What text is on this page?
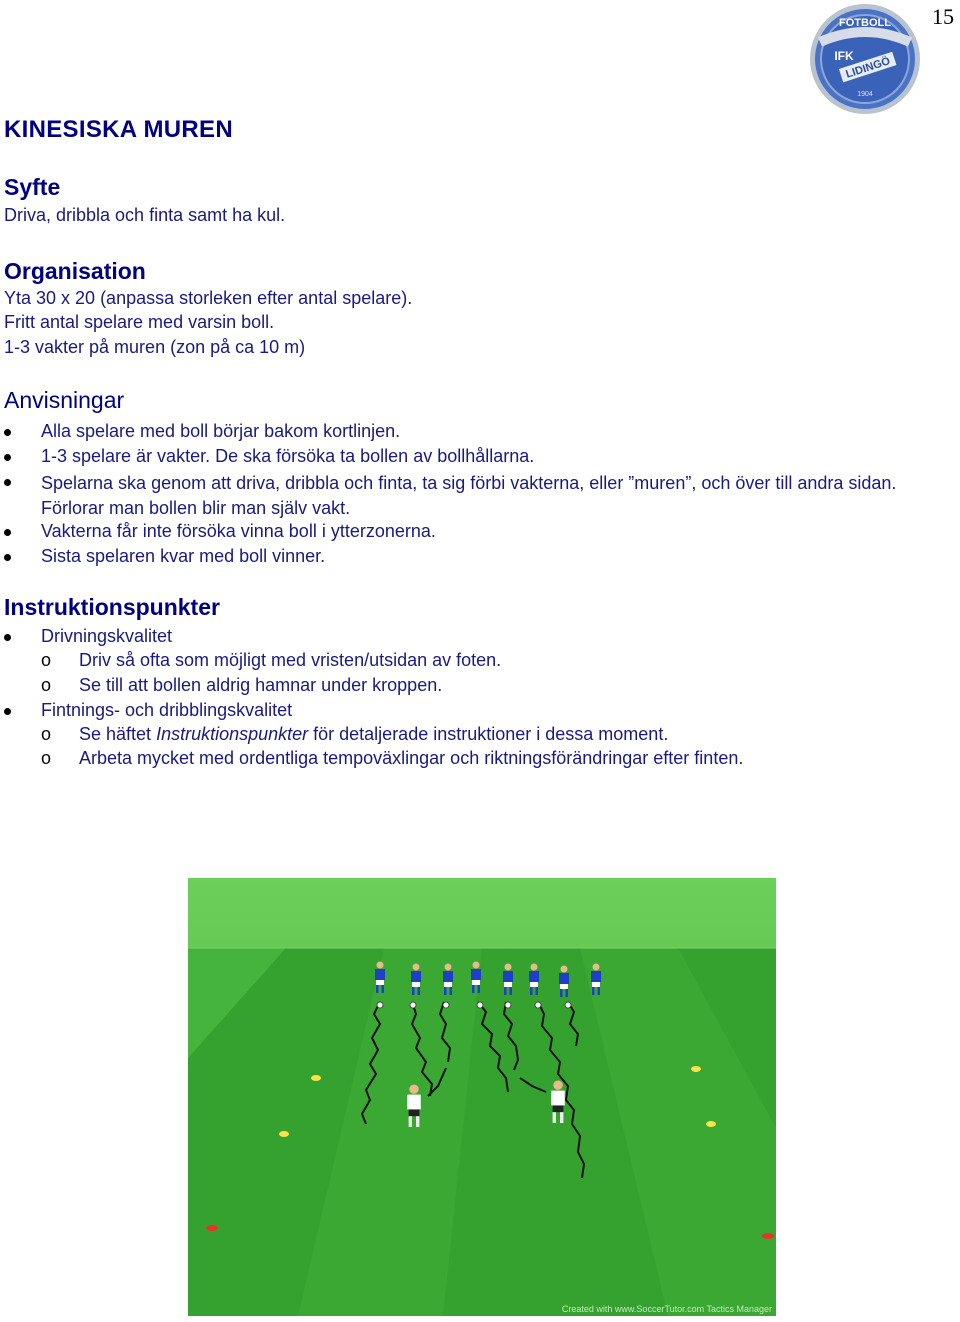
15
FOTBOLL
IFK
LIDINGÖ
1904
KINESISKA MUREN
Syfte
Driva, dribbla och finta samt ha kul.
Organisation
Yta 30 x 20 (anpassa storleken efter antal spelare).
Fritt antal spelare med varsin boll.
1-3 vakter på muren (zon på ca 10 m)
Anvisningar
Alla spelare med boll börjar bakom kortlinjen.
1-3 spelare är vakter. De ska försöka ta bollen av bollhållarna.
Spelarna ska genom att driva, dribbla och finta, ta sig förbi vakterna, eller ”muren”, och över till andra sidan. Förlorar man bollen blir man själv vakt.
Vakterna får inte försöka vinna boll i ytterzonerna.
Sista spelaren kvar med boll vinner.
Instruktionspunkter
Drivningskvalitet
o Driv så ofta som möjligt med vristen/utsidan av foten.
o Se till att bollen aldrig hamnar under kroppen.
Fintnings- och dribblingskvalitet
o Se häftet Instruktionspunkter för detaljerade instruktioner i dessa moment.
o Arbeta mycket med ordentliga tempoväxlingar och riktningsförändringar efter finten.
Created with www.SoccerTutor.com Tactics Manager
